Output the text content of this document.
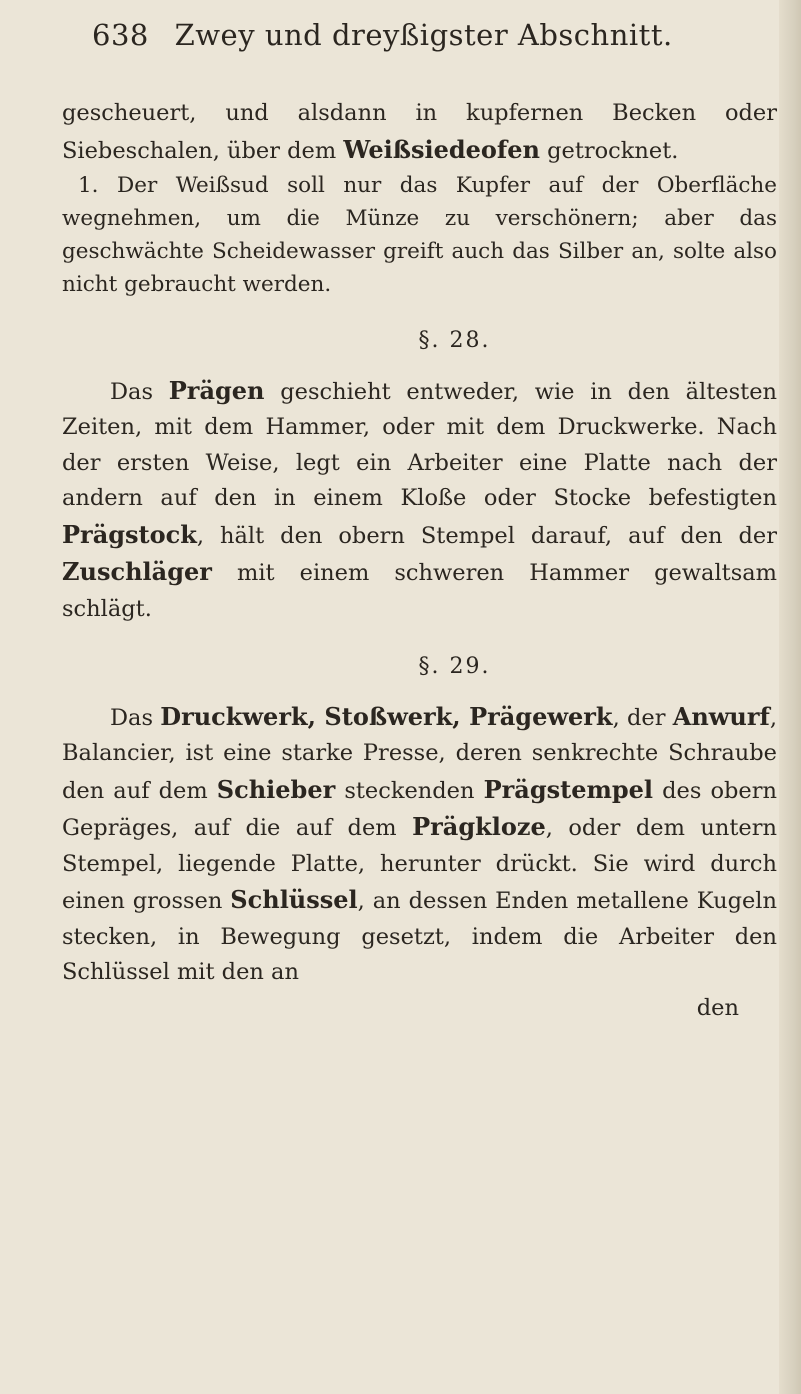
638 Zwey und dreyßigster Abschnitt.

gescheuert, und alsdann in kupfernen Becken oder Siebeschalen, über dem Weißsiedeofen getrocknet.

1. Der Weißsud soll nur das Kupfer auf der Oberfläche wegnehmen, um die Münze zu verschönern; aber das geschwächte Scheidewasser greift auch das Silber an, solte also nicht gebraucht werden.

§. 28.

Das Prägen geschieht entweder, wie in den ältesten Zeiten, mit dem Hammer, oder mit dem Druckwerke. Nach der ersten Weise, legt ein Arbeiter eine Platte nach der andern auf den in einem Kloße oder Stocke befestigten Prägstock, hält den obern Stempel darauf, auf den der Zuschläger mit einem schweren Hammer gewaltsam schlägt.

§. 29.

Das Druckwerk, Stoßwerk, Prägewerk, der Anwurf, Balancier, ist eine starke Presse, deren senkrechte Schraube den auf dem Schieber steckenden Prägstempel des obern Gepräges, auf die auf dem Prägkloze, oder dem untern Stempel, liegende Platte, herunter drückt. Sie wird durch einen grossen Schlüssel, an dessen Enden metallene Kugeln stecken, in Bewegung gesetzt, indem die Arbeiter den Schlüssel mit den an

den
